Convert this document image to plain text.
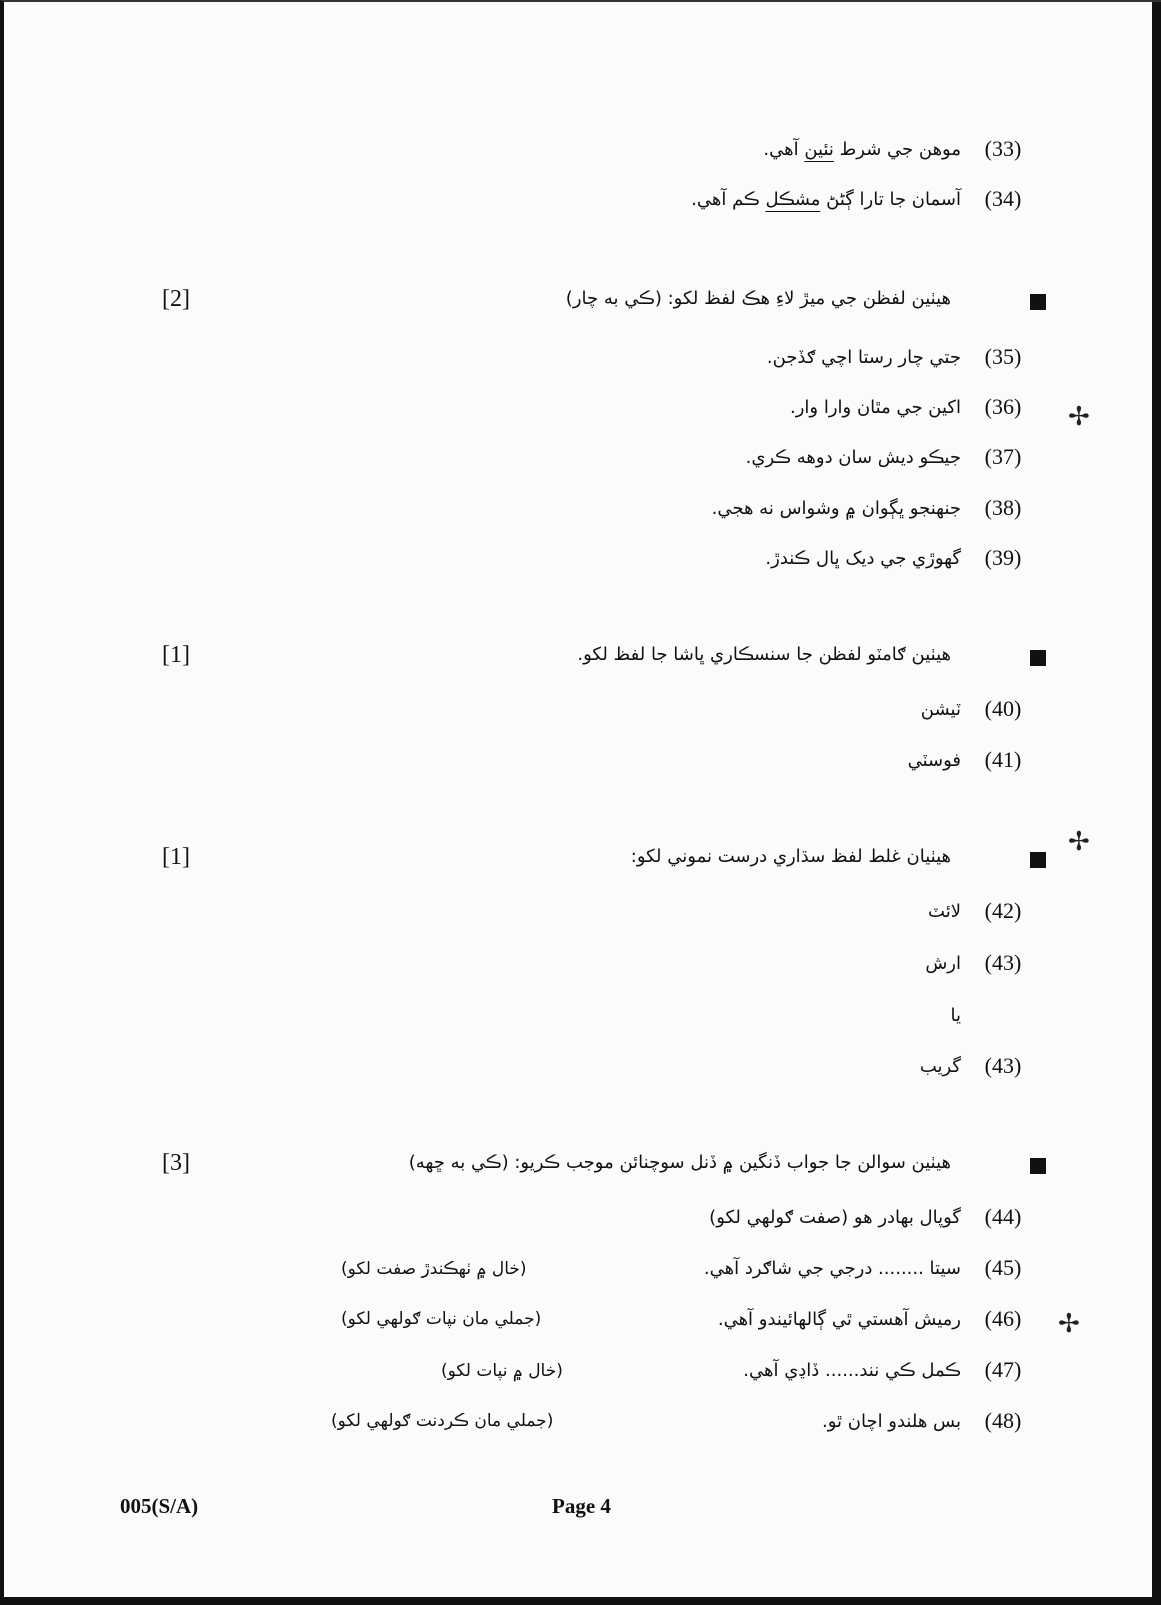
(33)
موهن جي شرط نئين آهي.
(34)
آسمان جا تارا ڳڻڻ مشڪل ڪم آهي.
هيٺين لفظن جي ميڙ لاءِ هڪ لفظ لکو: (ڪي به چار)
[2]
(35)
جتي چار رستا اچي ګڏجن.
(36)
اکين جي مٿان وارا وار.
(37)
جيڪو ديش سان دوهه ڪري.
(38)
جنهنجو ڀڳوان ۾ وشواس نه هجي.
(39)
گهوڙي جي ديک ڀال ڪندڙ.
هيٺين ګامٽو لفظن جا سنسڪاري ڀاشا جا لفظ لکو.
[1]
(40)
ٽيشن
(41)
فوسٽي
هيٺيان غلط لفظ سڌاري درست نموني لکو:
[1]
(42)
لائٽ
(43)
ارش
يا
(43)
گريب
هيٺين سوالن جا جواب ڏنگين ۾ ڏنل سوچنائن موجب ڪريو: (ڪي به ڇهه)
[3]
(44)
گوپال بهادر هو (صفت ګولهي لکو)
(45)
سيتا ........ درجي جي شاګرد آهي.
(خال ۾ ٺهڪندڙ صفت لکو)
(46)
رميش آهستي ٿي ڳالهائيندو آهي.
(جملي مان نپات ګولهي لکو)
(47)
ڪمل ڪي نند...... ڏاڍي آهي.
(خال ۾ نپات لکو)
(48)
بس هلندو اچان ٿو.
(جملي مان ڪردنت ګولهي لکو)
005(S/A)	Page 4
✢
✢
✢
